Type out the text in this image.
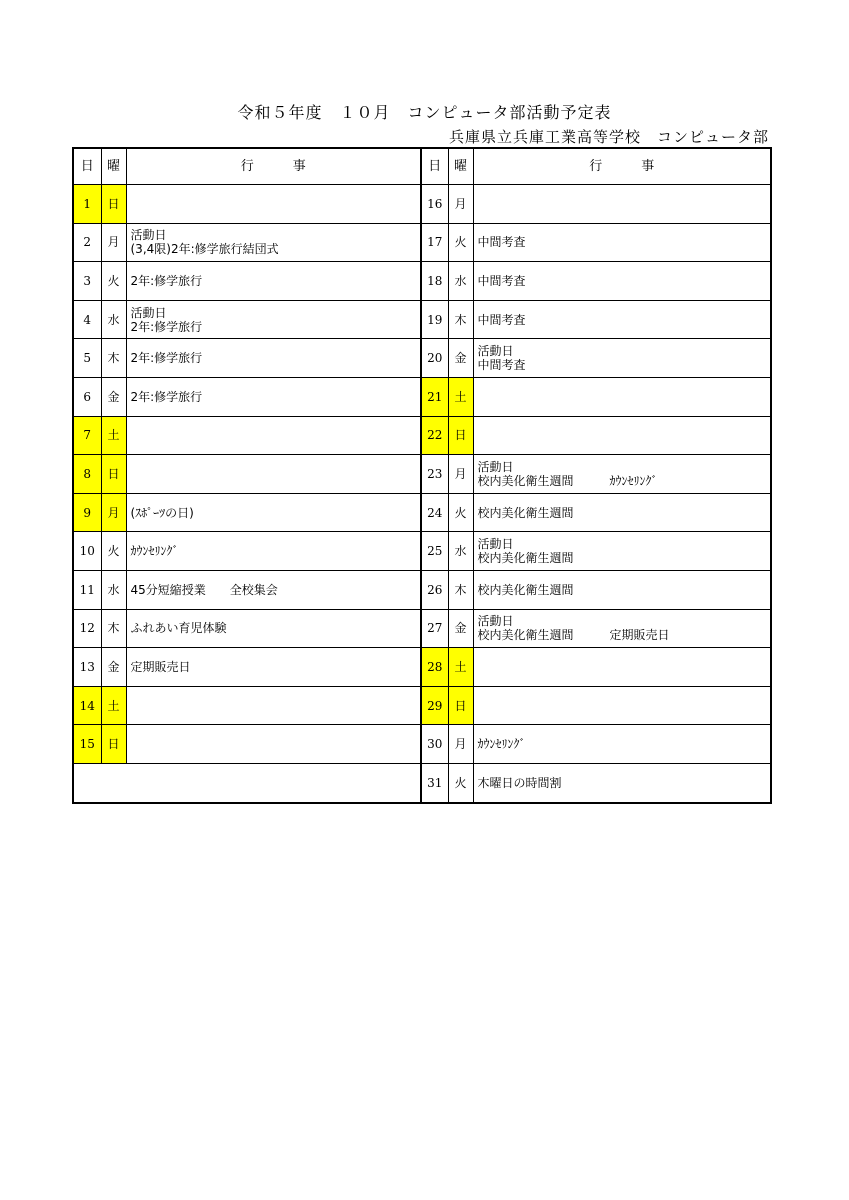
令和５年度　１０月　コンピュータ部活動予定表
兵庫県立兵庫工業高等学校　コンピュータ部
日	曜	行　　　事	日	曜	行　　　事
1	日		16	月	
2	月	活動日
(3,4限)2年:修学旅行結団式	17	火	中間考査
3	火	2年:修学旅行	18	水	中間考査
4	水	活動日
2年:修学旅行	19	木	中間考査
5	木	2年:修学旅行	20	金	活動日
中間考査
6	金	2年:修学旅行	21	土	
7	土		22	日	
8	日		23	月	活動日
校内美化衛生週間　　　ｶｳﾝｾﾘﾝｸﾞ
9	月	(ｽﾎﾟｰﾂの日)	24	火	校内美化衛生週間
10	火	ｶｳﾝｾﾘﾝｸﾞ	25	水	活動日
校内美化衛生週間
11	水	45分短縮授業　　全校集会	26	木	校内美化衛生週間
12	木	ふれあい育児体験	27	金	活動日
校内美化衛生週間　　　定期販売日
13	金	定期販売日	28	土	
14	土		29	日	
15	日		30	月	ｶｳﾝｾﾘﾝｸﾞ
			31	火	木曜日の時間割
